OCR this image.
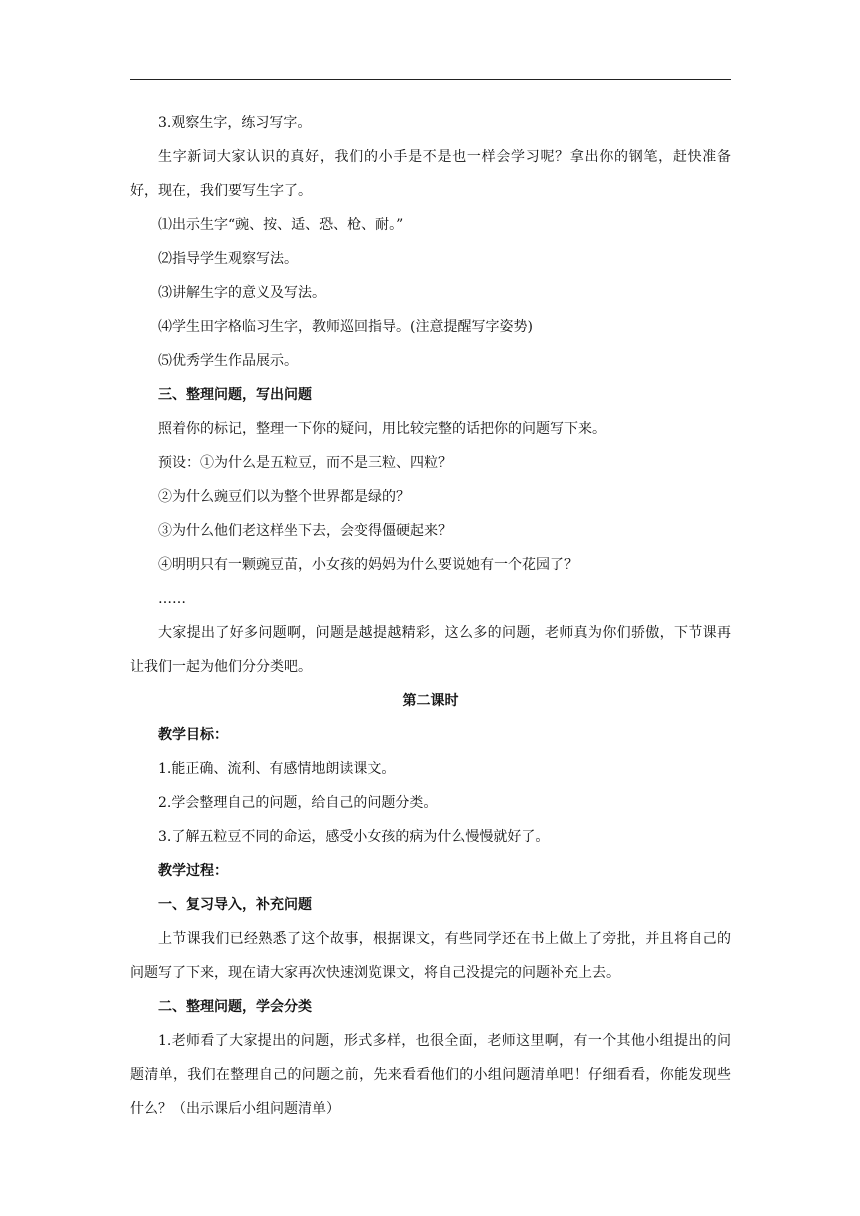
3.观察生字，练习写字。

生字新词大家认识的真好，我们的小手是不是也一样会学习呢？拿出你的钢笔，赶快准备好，现在，我们要写生字了。

⑴出示生字“豌、按、适、恐、枪、耐。”

⑵指导学生观察写法。

⑶讲解生字的意义及写法。

⑷学生田字格临习生字，教师巡回指导。(注意提醒写字姿势)

⑸优秀学生作品展示。

三、整理问题，写出问题

照着你的标记，整理一下你的疑问，用比较完整的话把你的问题写下来。

预设：①为什么是五粒豆，而不是三粒、四粒？

②为什么豌豆们以为整个世界都是绿的？

③为什么他们老这样坐下去，会变得僵硬起来？

④明明只有一颗豌豆苗，小女孩的妈妈为什么要说她有一个花园了？

……

大家提出了好多问题啊，问题是越提越精彩，这么多的问题，老师真为你们骄傲，下节课再让我们一起为他们分分类吧。

第二课时

教学目标：

1.能正确、流利、有感情地朗读课文。

2.学会整理自己的问题，给自己的问题分类。

3.了解五粒豆不同的命运，感受小女孩的病为什么慢慢就好了。

教学过程：

一、复习导入，补充问题

上节课我们已经熟悉了这个故事，根据课文，有些同学还在书上做上了旁批，并且将自己的问题写了下来，现在请大家再次快速浏览课文，将自己没提完的问题补充上去。

二、整理问题，学会分类

1.老师看了大家提出的问题，形式多样，也很全面，老师这里啊，有一个其他小组提出的问题清单，我们在整理自己的问题之前，先来看看他们的小组问题清单吧！仔细看看，你能发现些什么？（出示课后小组问题清单）
